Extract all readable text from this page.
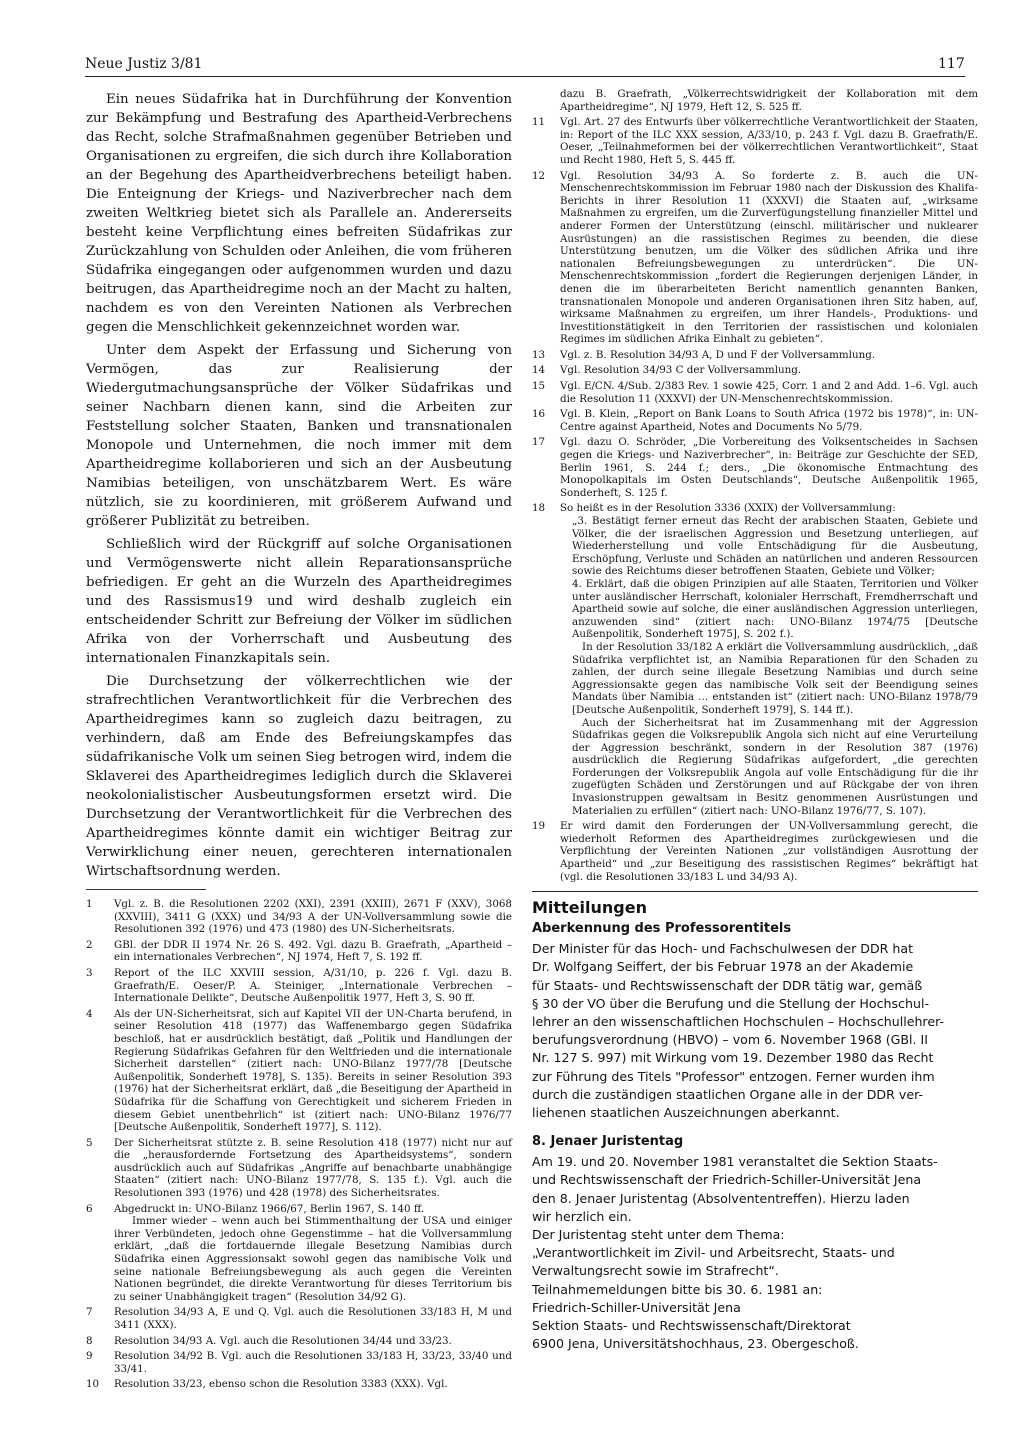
Neue Justiz 3/81	117

Ein neues Südafrika hat in Durchführung der Konvention zur Bekämpfung und Bestrafung des Apartheid-Verbrechens das Recht, solche Strafmaßnahmen gegenüber Betrieben und Organisationen zu ergreifen, die sich durch ihre Kollaboration an der Begehung des Apartheidverbrechens beteiligt haben. Die Enteignung der Kriegs- und Naziverbrecher nach dem zweiten Weltkrieg bietet sich als Parallele an. Andererseits besteht keine Verpflichtung eines befreiten Südafrikas zur Zurückzahlung von Schulden oder Anleihen, die vom früheren Südafrika eingegangen oder aufgenommen wurden und dazu beitrugen, das Apartheidregime noch an der Macht zu halten, nachdem es von den Vereinten Nationen als Verbrechen gegen die Menschlichkeit gekennzeichnet worden war.

Unter dem Aspekt der Erfassung und Sicherung von Vermögen, das zur Realisierung der Wiedergutmachungsansprüche der Völker Südafrikas und seiner Nachbarn dienen kann, sind die Arbeiten zur Feststellung solcher Staaten, Banken und transnationalen Monopole und Unternehmen, die noch immer mit dem Apartheidregime kollaborieren und sich an der Ausbeutung Namibias beteiligen, von unschätzbarem Wert. Es wäre nützlich, sie zu koordinieren, mit größerem Aufwand und größerer Publizität zu betreiben.

Schließlich wird der Rückgriff auf solche Organisationen und Vermögenswerte nicht allein Reparationsansprüche befriedigen. Er geht an die Wurzeln des Apartheidregimes und des Rassismus19 und wird deshalb zugleich ein entscheidender Schritt zur Befreiung der Völker im südlichen Afrika von der Vorherrschaft und Ausbeutung des internationalen Finanzkapitals sein.

Die Durchsetzung der völkerrechtlichen wie der strafrechtlichen Verantwortlichkeit für die Verbrechen des Apartheidregimes kann so zugleich dazu beitragen, zu verhindern, daß am Ende des Befreiungskampfes das südafrikanische Volk um seinen Sieg betrogen wird, indem die Sklaverei des Apartheidregimes lediglich durch die Sklaverei neokolonialistischer Ausbeutungsformen ersetzt wird. Die Durchsetzung der Verantwortlichkeit für die Verbrechen des Apartheidregimes könnte damit ein wichtiger Beitrag zur Verwirklichung einer neuen, gerechteren internationalen Wirtschaftsordnung werden.

1	Vgl. z. B. die Resolutionen 2202 (XXI), 2391 (XXIII), 2671 F (XXV), 3068 (XXVIII), 3411 G (XXX) und 34/93 A der UN-Vollversammlung sowie die Resolutionen 392 (1976) und 473 (1980) des UN-Sicherheitsrats.
2	GBl. der DDR II 1974 Nr. 26 S. 492. Vgl. dazu B. Graefrath, „Apartheid – ein internationales Verbrechen“, NJ 1974, Heft 7, S. 192 ff.
3	Report of the ILC XXVIII session, A/31/10, p. 226 f. Vgl. dazu B. Graefrath/E. Oeser/P. A. Steiniger, „Internationale Verbrechen – Internationale Delikte“, Deutsche Außenpolitik 1977, Heft 3, S. 90 ff.
4	Als der UN-Sicherheitsrat, sich auf Kapitel VII der UN-Charta berufend, in seiner Resolution 418 (1977) das Waffenembargo gegen Südafrika beschloß, hat er ausdrücklich bestätigt, daß „Politik und Handlungen der Regierung Südafrikas Gefahren für den Weltfrieden und die internationale Sicherheit darstellen“ (zitiert nach: UNO-Bilanz 1977/78 [Deutsche Außenpolitik, Sonderheft 1978], S. 135). Bereits in seiner Resolution 393 (1976) hat der Sicherheitsrat erklärt, daß „die Beseitigung der Apartheid in Südafrika für die Schaffung von Gerechtigkeit und sicherem Frieden in diesem Gebiet unentbehrlich“ ist (zitiert nach: UNO-Bilanz 1976/77 [Deutsche Außenpolitik, Sonderheft 1977], S. 112).
5	Der Sicherheitsrat stützte z. B. seine Resolution 418 (1977) nicht nur auf die „herausfordernde Fortsetzung des Apartheidsystems“, sondern ausdrücklich auch auf Südafrikas „Angriffe auf benachbarte unabhängige Staaten“ (zitiert nach: UNO-Bilanz 1977/78, S. 135 f.). Vgl. auch die Resolutionen 393 (1976) und 428 (1978) des Sicherheitsrates.
6	Abgedruckt in: UNO-Bilanz 1966/67, Berlin 1967, S. 140 ff.
Immer wieder – wenn auch bei Stimmenthaltung der USA und einiger ihrer Verbündeten, jedoch ohne Gegenstimme – hat die Vollversammlung erklärt, „daß die fortdauernde illegale Besetzung Namibias durch Südafrika einen Aggressionsakt sowohl gegen das namibische Volk und seine nationale Befreiungsbewegung als auch gegen die Vereinten Nationen begründet, die direkte Verantwortung für dieses Territorium bis zu seiner Unabhängigkeit tragen“ (Resolution 34/92 G).
7	Resolution 34/93 A, E und Q. Vgl. auch die Resolutionen 33/183 H, M und 3411 (XXX).
8	Resolution 34/93 A. Vgl. auch die Resolutionen 34/44 und 33/23.
9	Resolution 34/92 B. Vgl. auch die Resolutionen 33/183 H, 33/23, 33/40 und 33/41.
10	Resolution 33/23, ebenso schon die Resolution 3383 (XXX). Vgl.
dazu B. Graefrath, „Völkerrechtswidrigkeit der Kollaboration mit dem Apartheidregime“, NJ 1979, Heft 12, S. 525 ff.
11	Vgl. Art. 27 des Entwurfs über völkerrechtliche Verantwortlichkeit der Staaten, in: Report of the ILC XXX session, A/33/10, p. 243 f. Vgl. dazu B. Graefrath/E. Oeser, „Teilnahmeformen bei der völkerrechtlichen Verantwortlichkeit“, Staat und Recht 1980, Heft 5, S. 445 ff.
12	Vgl. Resolution 34/93 A. So forderte z. B. auch die UN-Menschenrechtskommission im Februar 1980 nach der Diskussion des Khalifa-Berichts in ihrer Resolution 11 (XXXVI) die Staaten auf, „wirksame Maßnahmen zu ergreifen, um die Zurverfügungstellung finanzieller Mittel und anderer Formen der Unterstützung (einschl. militärischer und nuklearer Ausrüstungen) an die rassistischen Regimes zu beenden, die diese Unterstützung benutzen, um die Völker des südlichen Afrika und ihre nationalen Befreiungsbewegungen zu unterdrücken“. Die UN-Menschenrechtskommission „fordert die Regierungen derjenigen Länder, in denen die im überarbeiteten Bericht namentlich genannten Banken, transnationalen Monopole und anderen Organisationen ihren Sitz haben, auf, wirksame Maßnahmen zu ergreifen, um ihrer Handels-, Produktions- und Investitionstätigkeit in den Territorien der rassistischen und kolonialen Regimes im südlichen Afrika Einhalt zu gebieten“.
13	Vgl. z. B. Resolution 34/93 A, D und F der Vollversammlung.
14	Vgl. Resolution 34/93 C der Vollversammlung.
15	Vgl. E/CN. 4/Sub. 2/383 Rev. 1 sowie 425, Corr. 1 and 2 and Add. 1–6. Vgl. auch die Resolution 11 (XXXVI) der UN-Menschenrechtskommission.
16	Vgl. B. Klein, „Report on Bank Loans to South Africa (1972 bis 1978)“, in: UN-Centre against Apartheid, Notes and Documents No 5/79.
17	Vgl. dazu O. Schröder, „Die Vorbereitung des Volksentscheides in Sachsen gegen die Kriegs- und Naziverbrecher“, in: Beiträge zur Geschichte der SED, Berlin 1961, S. 244 f.; ders., „Die ökonomische Entmachtung des Monopolkapitals im Osten Deutschlands“, Deutsche Außenpolitik 1965, Sonderheft, S. 125 f.
18	So heißt es in der Resolution 3336 (XXIX) der Vollversammlung:
„3. Bestätigt ferner erneut das Recht der arabischen Staaten, Gebiete und Völker, die der israelischen Aggression und Besetzung unterliegen, auf Wiederherstellung und volle Entschädigung für die Ausbeutung, Erschöpfung, Verluste und Schäden an natürlichen und anderen Ressourcen sowie des Reichtums dieser betroffenen Staaten, Gebiete und Völker;
4. Erklärt, daß die obigen Prinzipien auf alle Staaten, Territorien und Völker unter ausländischer Herrschaft, kolonialer Herrschaft, Fremdherrschaft und Apartheid sowie auf solche, die einer ausländischen Aggression unterliegen, anzuwenden sind“ (zitiert nach: UNO-Bilanz 1974/75 [Deutsche Außenpolitik, Sonderheft 1975], S. 202 f.).
In der Resolution 33/182 A erklärt die Vollversammlung ausdrücklich, „daß Südafrika verpflichtet ist, an Namibia Reparationen für den Schaden zu zahlen, der durch seine illegale Besetzung Namibias und durch seine Aggressionsakte gegen das namibische Volk seit der Beendigung seines Mandats über Namibia … entstanden ist“ (zitiert nach: UNO-Bilanz 1978/79 [Deutsche Außenpolitik, Sonderheft 1979], S. 144 ff.).
Auch der Sicherheitsrat hat im Zusammenhang mit der Aggression Südafrikas gegen die Volksrepublik Angola sich nicht auf eine Verurteilung der Aggression beschränkt, sondern in der Resolution 387 (1976) ausdrücklich die Regierung Südafrikas aufgefordert, „die gerechten Forderungen der Volksrepublik Angola auf volle Entschädigung für die ihr zugefügten Schäden und Zerstörungen und auf Rückgabe der von ihren Invasionstruppen gewaltsam in Besitz genommenen Ausrüstungen und Materialien zu erfüllen“ (zitiert nach: UNO-Bilanz 1976/77, S. 107).
19	Er wird damit den Forderungen der UN-Vollversammlung gerecht, die wiederholt Reformen des Apartheidregimes zurückgewiesen und die Verpflichtung der Vereinten Nationen „zur vollständigen Ausrottung der Apartheid“ und „zur Beseitigung des rassistischen Regimes“ bekräftigt hat (vgl. die Resolutionen 33/183 L und 34/93 A).
Mitteilungen
Aberkennung des Professorentitels
Der Minister für das Hoch- und Fachschulwesen der DDR hat
Dr. Wolfgang Seiffert, der bis Februar 1978 an der Akademie
für Staats- und Rechtswissenschaft der DDR tätig war, gemäß
§ 30 der VO über die Berufung und die Stellung der Hochschul-
lehrer an den wissenschaftlichen Hochschulen – Hochschullehrer-
berufungsverordnung (HBVO) – vom 6. November 1968 (GBl. II
Nr. 127 S. 997) mit Wirkung vom 19. Dezember 1980 das Recht
zur Führung des Titels "Professor" entzogen. Ferner wurden ihm
durch die zuständigen staatlichen Organe alle in der DDR ver-
liehenen staatlichen Auszeichnungen aberkannt.
8. Jenaer Juristentag
Am 19. und 20. November 1981 veranstaltet die Sektion Staats-
und Rechtswissenschaft der Friedrich-Schiller-Universität Jena
den 8. Jenaer Juristentag (Absolvententreffen). Hierzu laden
wir herzlich ein.
Der Juristentag steht unter dem Thema:
„Verantwortlichkeit im Zivil- und Arbeitsrecht, Staats- und
Verwaltungsrecht sowie im Strafrecht“.
Teilnahmemeldungen bitte bis 30. 6. 1981 an:
Friedrich-Schiller-Universität Jena
Sektion Staats- und Rechtswissenschaft/Direktorat
6900 Jena, Universitätshochhaus, 23. Obergeschoß.
